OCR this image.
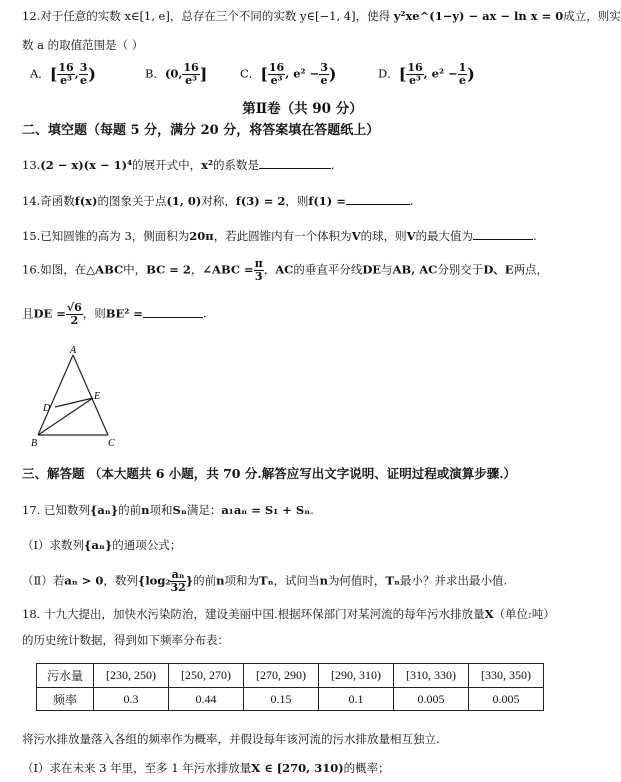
12.对于任意的实数 x∈[1, e]，总存在三个不同的实数 y∈[−1, 4]，使得 y²xe^(1−y) − ax − ln x = 0成立，则实
数 a 的取值范围是（ ）
A．[ $\frac{16}{\text{e³}}$ , $\frac{3}{e}$ )	B．(0, $\frac{16}{\text{e³}}$ ]	C．[ $\frac{16}{\text{e³}}$ , $e^2 - \frac{3}{e}$ )	D．[ $\frac{16}{\text{e³}}$ , $e^2 - \frac{1}{e}$ )
第Ⅱ卷（共 90 分）
二、填空题（每题 5 分，满分 20 分，将答案填在答题纸上）
13.(2 − x)(x − 1)⁴的展开式中，x²的系数是	.
14.奇函数f(x)的图象关于点(1, 0)对称，f(3) = 2，则f(1) =	.
15.已知圆锥的高为 3，侧面积为20π，若此圆锥内有一个体积为V的球，则V的最大值为	.
16.如图，在△ABC中，BC = 2，∠ABC = $\frac{\pi}{3}$ ，AC的垂直平分线DE与AB, AC分别交于D、E两点，
且DE = $\frac{√6}{2}$ ，则BE² =	.
A
D
E
B	C
三、解答题 （本大题共 6 小题，共 70 分.解答应写出文字说明、证明过程或演算步骤.）
17. 已知数列{aₙ}的前n项和Sₙ满足：a₁aₙ = S₁ + Sₙ.
（Ⅰ）求数列{aₙ}的通项公式；
（Ⅱ）若aₙ > 0，数列{$\log_2 \frac{\text{aₙ}}{32}$ }的前n项和为Tₙ，试问当n为何值时，Tₙ最小？并求出最小值.
18. 十九大提出，加快水污染防治，建设美丽中国.根据环保部门对某河流的每年污水排放量X（单位:吨）
的历史统计数据，得到如下频率分布表：
污水量	[230, 250)	[250, 270)	[270, 290)	[290, 310)	[310, 330)	[330, 350)
频率	0.3	0.44	0.15	0.1	0.005	0.005
将污水排放量落入各组的频率作为概率，并假设每年该河流的污水排放量相互独立.
（Ⅰ）求在未来 3 年里，至多 1 年污水排放量X ∈ [270, 310)的概率；
